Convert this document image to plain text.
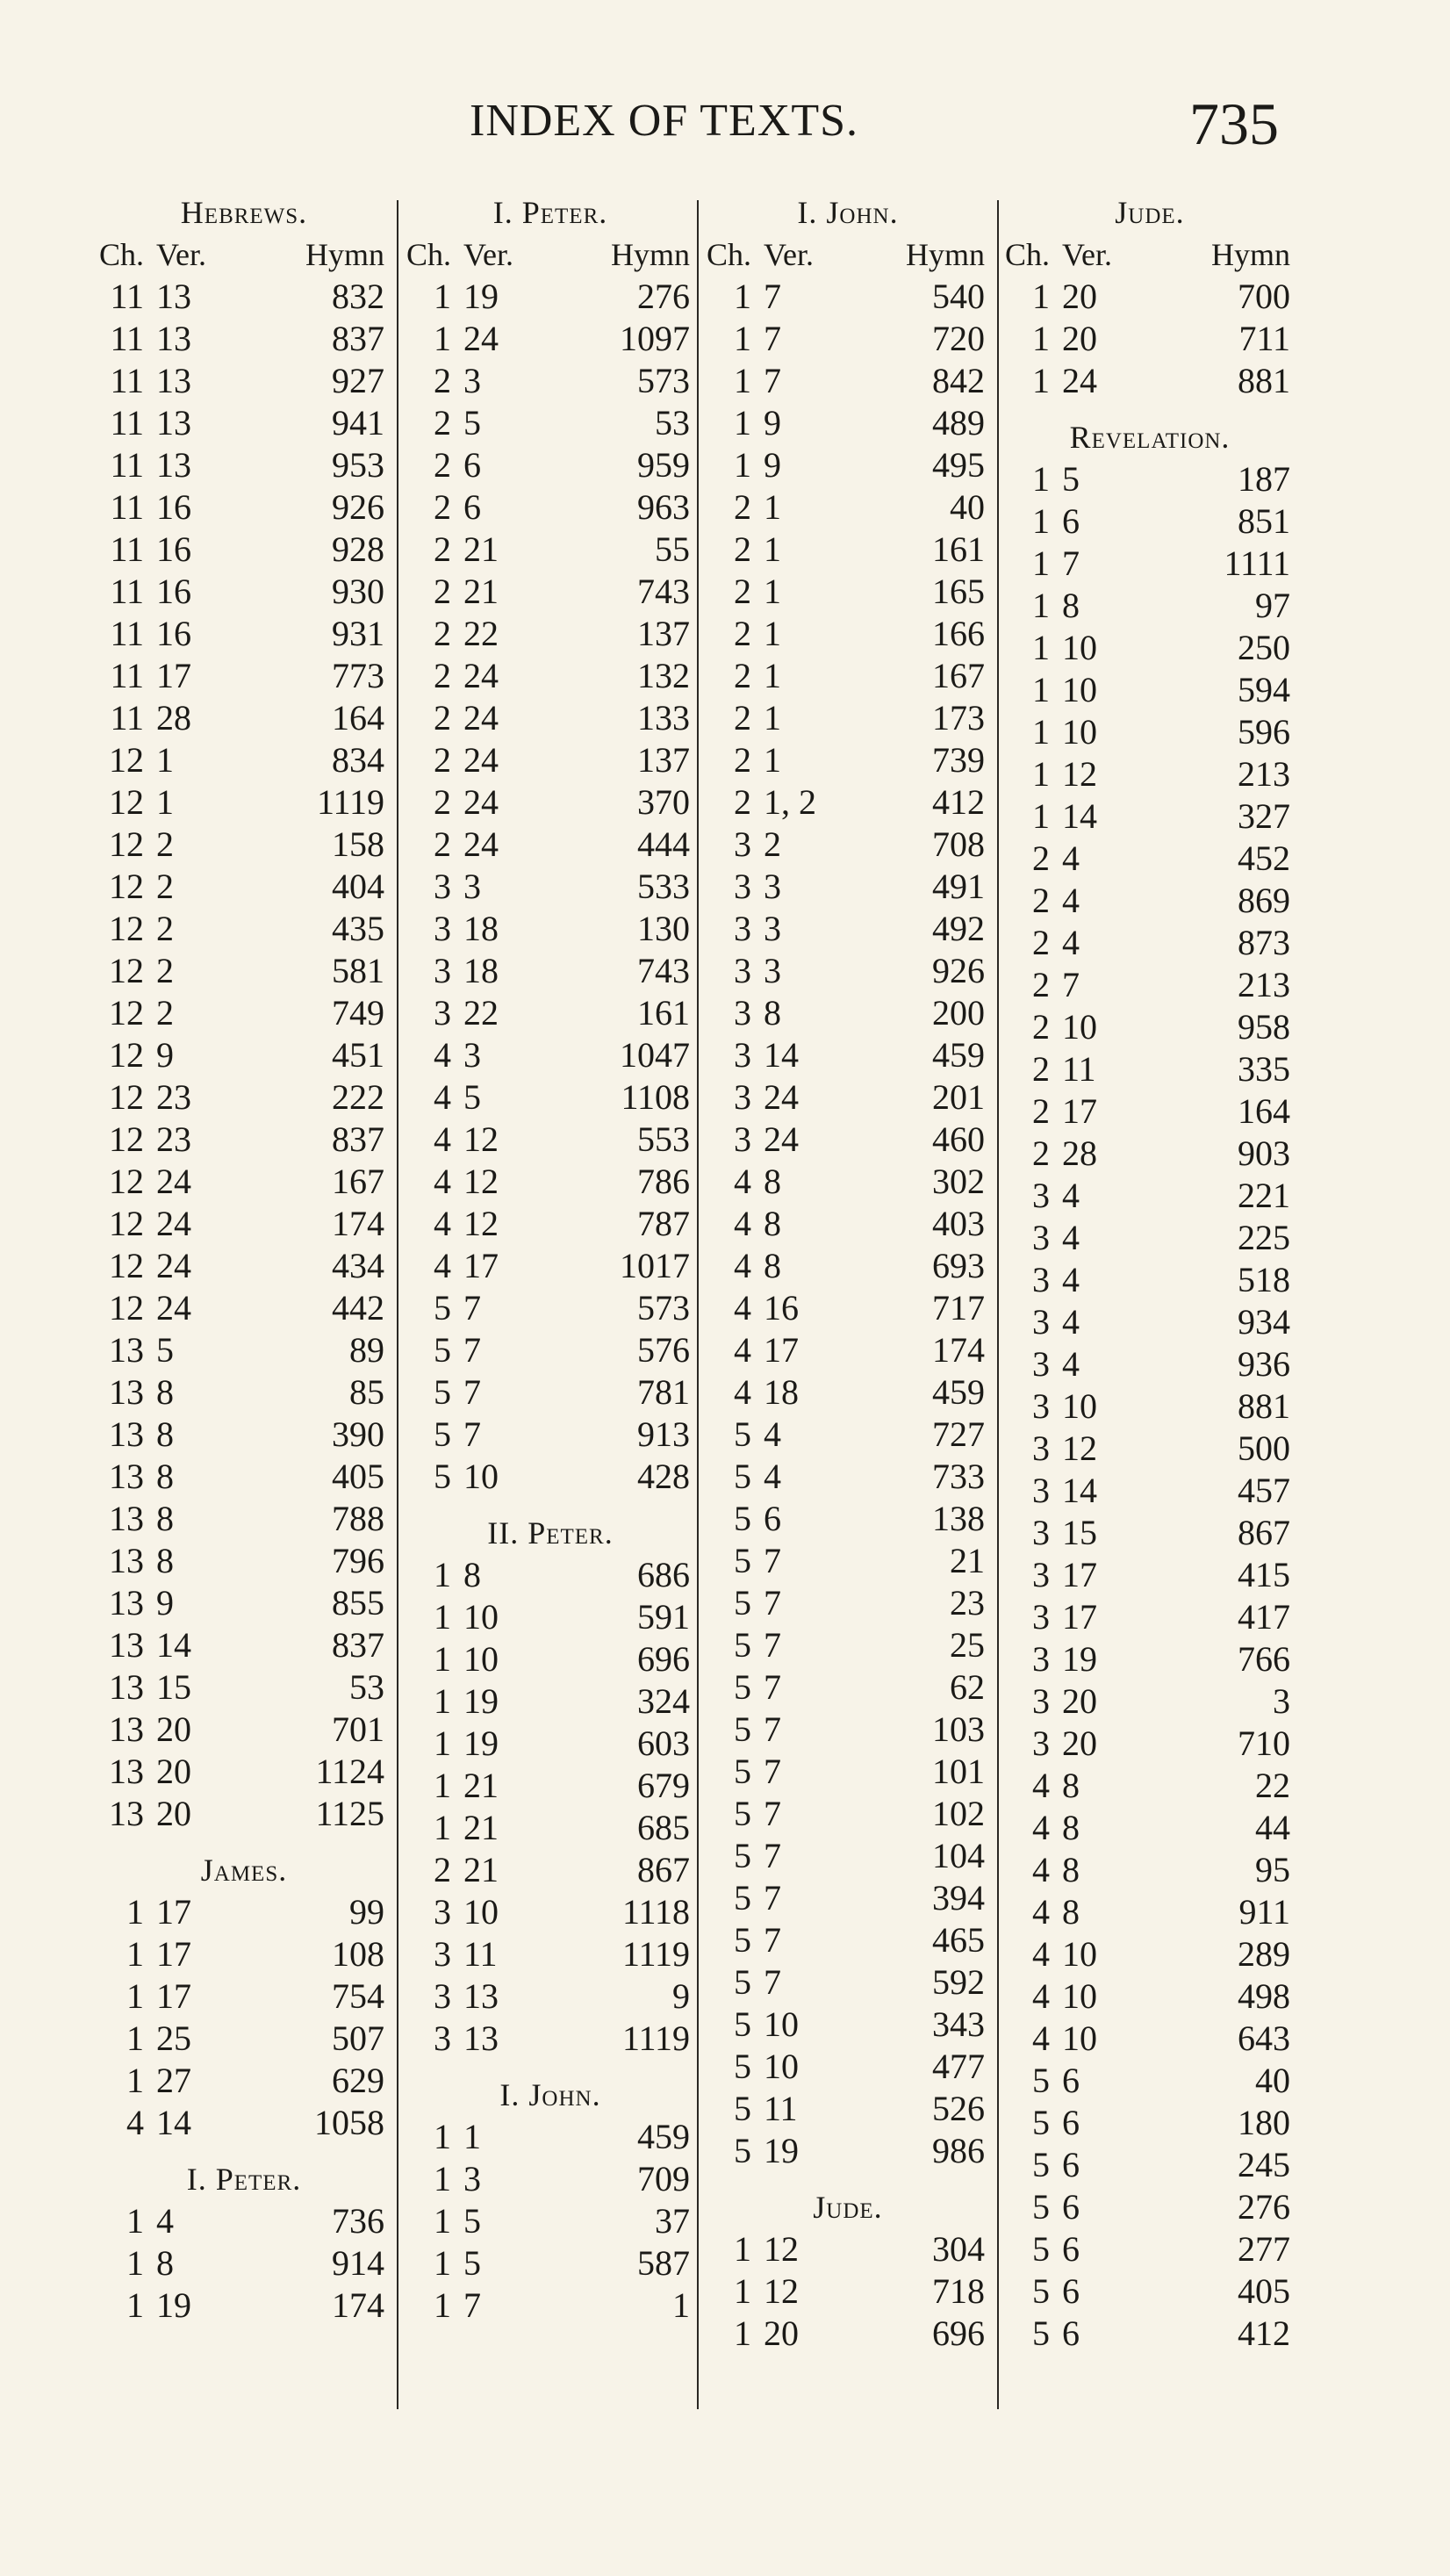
INDEX OF TEXTS.	735
Hebrews.
Ch. Ver.	Hymn
11 13	832
11 13	837
11 13	927
11 13	941
11 13	953
11 16	926
11 16	928
11 16	930
11 16	931
11 17	773
11 28	164
12 1	834
12 1	1119
12 2	158
12 2	404
12 2	435
12 2	581
12 2	749
12 9	451
12 23	222
12 23	837
12 24	167
12 24	174
12 24	434
12 24	442
13 5	89
13 8	85
13 8	390
13 8	405
13 8	788
13 8	796
13 9	855
13 14	837
13 15	53
13 20	701
13 20	1124
13 20	1125
James.
1 17	99
1 17	108
1 17	754
1 25	507
1 27	629
4 14	1058
I. Peter.
1 4	736
1 8	914
1 19	174
I. Peter.
Ch. Ver.	Hymn
1 19	276
1 24	1097
2 3	573
2 5	53
2 6	959
2 6	963
2 21	55
2 21	743
2 22	137
2 24	132
2 24	133
2 24	137
2 24	370
2 24	444
3 3	533
3 18	130
3 18	743
3 22	161
4 3	1047
4 5	1108
4 12	553
4 12	786
4 12	787
4 17	1017
5 7	573
5 7	576
5 7	781
5 7	913
5 10	428
II. Peter.
1 8	686
1 10	591
1 10	696
1 19	324
1 19	603
1 21	679
1 21	685
2 21	867
3 10	1118
3 11	1119
3 13	9
3 13	1119
I. John.
1 1	459
1 3	709
1 5	37
1 5	587
1 7	1
I. John.
Ch. Ver.	Hymn
1 7	540
1 7	720
1 7	842
1 9	489
1 9	495
2 1	40
2 1	161
2 1	165
2 1	166
2 1	167
2 1	173
2 1	739
2 1, 2	412
3 2	708
3 3	491
3 3	492
3 3	926
3 8	200
3 14	459
3 24	201
3 24	460
4 8	302
4 8	403
4 8	693
4 16	717
4 17	174
4 18	459
5 4	727
5 4	733
5 6	138
5 7	21
5 7	23
5 7	25
5 7	62
5 7	103
5 7	101
5 7	102
5 7	104
5 7	394
5 7	465
5 7	592
5 10	343
5 10	477
5 11	526
5 19	986
Jude.
1 12	304
1 12	718
1 20	696
Jude.
Ch. Ver.	Hymn
1 20	700
1 20	711
1 24	881
Revelation.
1 5	187
1 6	851
1 7	1111
1 8	97
1 10	250
1 10	594
1 10	596
1 12	213
1 14	327
2 4	452
2 4	869
2 4	873
2 7	213
2 10	958
2 11	335
2 17	164
2 28	903
3 4	221
3 4	225
3 4	518
3 4	934
3 4	936
3 10	881
3 12	500
3 14	457
3 15	867
3 17	415
3 17	417
3 19	766
3 20	3
3 20	710
4 8	22
4 8	44
4 8	95
4 8	911
4 10	289
4 10	498
4 10	643
5 6	40
5 6	180
5 6	245
5 6	276
5 6	277
5 6	405
5 6	412
